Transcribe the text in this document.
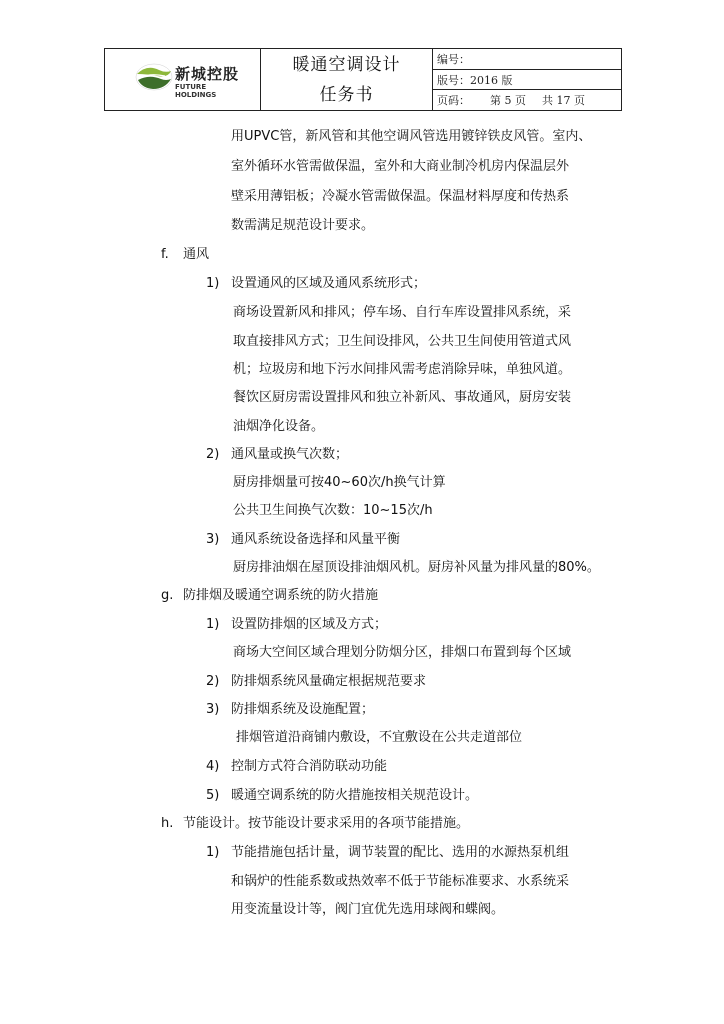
新城控股
FUTURE
HOLDINGS
暖通空调设计
任务书
编号：
版号：2016 版
页码： 第 5 页 共 17 页
用UPVC管，新风管和其他空调风管选用镀锌铁皮风管。室内、
室外循环水管需做保温，室外和大商业制冷机房内保温层外
壁采用薄铝板；冷凝水管需做保温。保温材料厚度和传热系
数需满足规范设计要求。
f. 通风
1) 设置通风的区域及通风系统形式；
商场设置新风和排风；停车场、自行车库设置排风系统，采
取直接排风方式；卫生间设排风，公共卫生间使用管道式风
机；垃圾房和地下污水间排风需考虑消除异味，单独风道。
餐饮区厨房需设置排风和独立补新风、事故通风，厨房安装
油烟净化设备。
2) 通风量或换气次数；
厨房排烟量可按40~60次/h换气计算
公共卫生间换气次数：10~15次/h
3) 通风系统设备选择和风量平衡
厨房排油烟在屋顶设排油烟风机。厨房补风量为排风量的80%。
g. 防排烟及暖通空调系统的防火措施
1) 设置防排烟的区域及方式；
商场大空间区域合理划分防烟分区，排烟口布置到每个区域
2) 防排烟系统风量确定根据规范要求
3) 防排烟系统及设施配置；
排烟管道沿商铺内敷设，不宜敷设在公共走道部位
4) 控制方式符合消防联动功能
5) 暖通空调系统的防火措施按相关规范设计。
h. 节能设计。按节能设计要求采用的各项节能措施。
1) 节能措施包括计量，调节装置的配比、选用的水源热泵机组
和锅炉的性能系数或热效率不低于节能标准要求、水系统采
用变流量设计等，阀门宜优先选用球阀和蝶阀。
